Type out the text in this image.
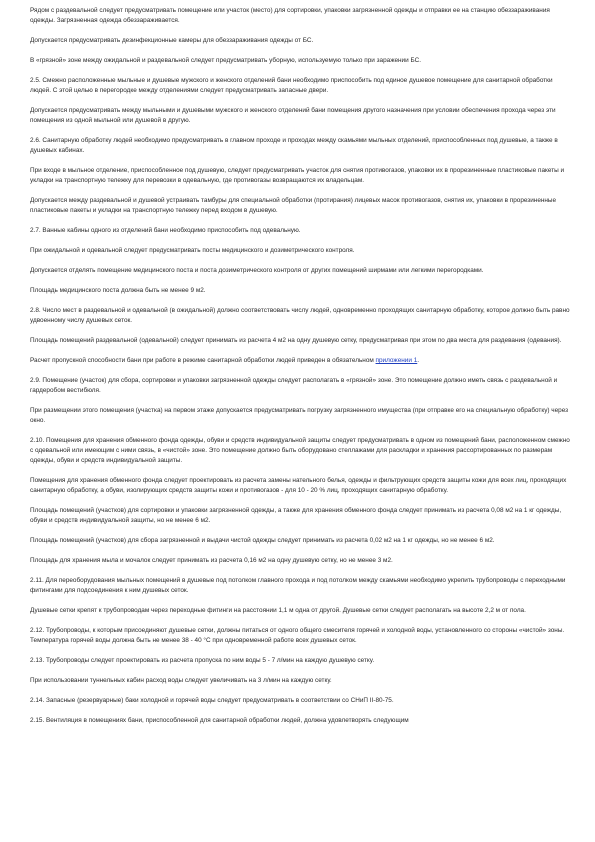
Рядом с раздевальной следует предусматривать помещение или участок (место) для сортировки, упаковки загрязненной одежды и отправки ее на станцию обеззараживания одежды. Загрязненная одежда обеззараживается.

Допускается предусматривать дезинфекционные камеры для обеззараживания одежды от БС.

В «грязной» зоне между ожидальной и раздевальной следует предусматривать уборную, используемую только при заражении БС.

2.5. Смежно расположенные мыльные и душевые мужского и женского отделений бани необходимо приспособить под единое душевое помещение для санитарной обработки людей. С этой целью в перегородке между отделениями следует предусматривать запасные двери.

Допускается предусматривать между мыльными и душевыми мужского и женского отделений бани помещения другого назначения при условии обеспечения прохода через эти помещения из одной мыльной или душевой в другую.

2.6. Санитарную обработку людей необходимо предусматривать в главном проходе и проходах между скамьями мыльных отделений, приспособленных под душевые, а также в душевых кабинах.

При входе в мыльное отделение, приспособленное под душевую, следует предусматривать участок для снятия противогазов, упаковки их в прорезиненные пластиковые пакеты и укладки на транспортную тележку для перевозки в одевальную, где противогазы возвращаются их владельцам.

Допускается между раздевальной и душевой устраивать тамбуры для специальной обработки (протирания) лицевых масок противогазов, снятия их, упаковки в прорезиненные пластиковые пакеты и укладки на транспортную тележку перед входом в душевую.

2.7. Ванные кабины одного из отделений бани необходимо приспособить под одевальную.

При ожидальной и одевальной следует предусматривать посты медицинского и дозиметрического контроля.

Допускается отделять помещение медицинского поста и поста дозиметрического контроля от других помещений ширмами или легкими перегородками.

Площадь медицинского поста должна быть не менее 9 м2.

2.8. Число мест в раздевальной и одевальной (в ожидальной) должно соответствовать числу людей, одновременно проходящих санитарную обработку, которое должно быть равно удвоенному числу душевых сеток.

Площадь помещений раздевальной (одевальной) следует принимать из расчета 4 м2 на одну душевую сетку, предусматривая при этом по два места для раздевания (одевания).

Расчет пропускной способности бани при работе в режиме санитарной обработки людей приведен в обязательном приложении 1.

2.9. Помещение (участок) для сбора, сортировки и упаковки загрязненной одежды следует располагать в «грязной» зоне. Это помещение должно иметь связь с раздевальной и гардеробом вестибюля.

При размещении этого помещения (участка) на первом этаже допускается предусматривать погрузку загрязненного имущества (при отправке его на специальную обработку) через окно.

2.10. Помещения для хранения обменного фонда одежды, обуви и средств индивидуальной защиты следует предусматривать в одном из помещений бани, расположенном смежно с одевальной или имеющим с ними связь, в «чистой» зоне. Это помещение должно быть оборудовано стеллажами для раскладки и хранения рассортированных по размерам одежды, обуви и средств индивидуальной защиты.

Помещения для хранения обменного фонда следует проектировать из расчета замены нательного белья, одежды и фильтрующих средств защиты кожи для всех лиц, проходящих санитарную обработку, а обуви, изолирующих средств защиты кожи и противогазов - для 10 - 20 % лиц, проходящих санитарную обработку.

Площадь помещений (участков) для сортировки и упаковки загрязненной одежды, а также для хранения обменного фонда следует принимать из расчета 0,08 м2 на 1 кг одежды, обуви и средств индивидуальной защиты, но не менее 6 м2.

Площадь помещений (участков) для сбора загрязненной и выдачи чистой одежды следует принимать из расчета 0,02 м2 на 1 кг одежды, но не менее 6 м2.

Площадь для хранения мыла и мочалок следует принимать из расчета 0,16 м2 на одну душевую сетку, но не менее 3 м2.

2.11. Для переоборудования мыльных помещений в душевые под потолком главного прохода и под потолком между скамьями необходимо укрепить трубопроводы с переходными фитингами для подсоединения к ним душевых сеток.

Душевые сетки крепят к трубопроводам через переходные фитинги на расстоянии 1,1 м одна от другой. Душевые сетки следует располагать на высоте 2,2 м от пола.

2.12. Трубопроводы, к которым присоединяют душевые сетки, должны питаться от одного общего смесителя горячей и холодной воды, установленного со стороны «чистой» зоны. Температура горячей воды должна быть не менее 38 - 40 °С при одновременной работе всех душевых сеток.

2.13. Трубопроводы следует проектировать из расчета пропуска по ним воды 5 - 7 л/мин на каждую душевую сетку.

При использовании туннельных кабин расход воды следует увеличивать на 3 л/мин на каждую сетку.

2.14. Запасные (резервуарные) баки холодной и горячей воды следует предусматривать в соответствии со СНиП II-80-75.

2.15. Вентиляция в помещениях бани, приспособленной для санитарной обработки людей, должна удовлетворять следующим
